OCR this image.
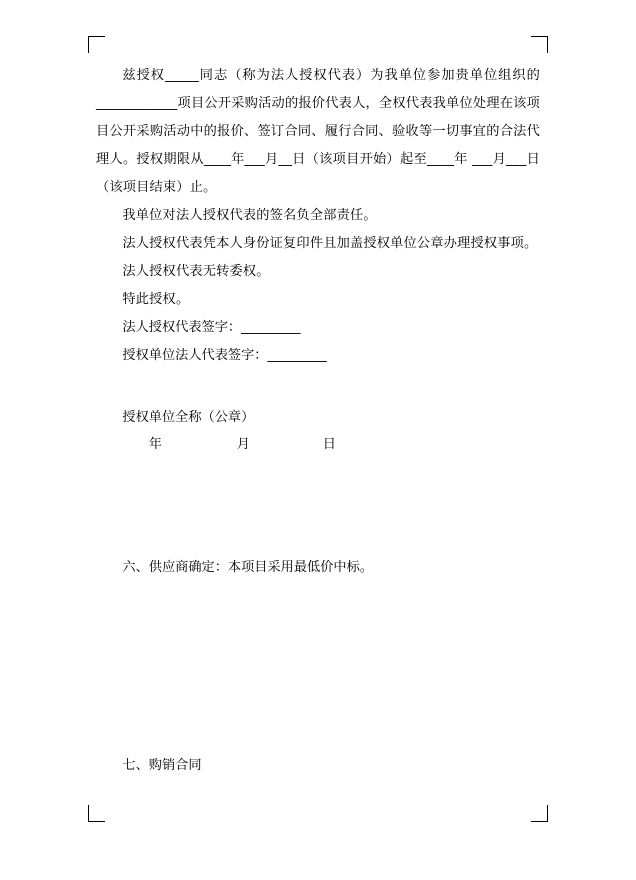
兹授权_____同志（称为法人授权代表）为我单位参加贵单位组织的____________项目公开采购活动的报价代表人，全权代表我单位处理在该项目公开采购活动中的报价、签订合同、履行合同、验收等一切事宜的合法代理人。授权期限从____年___月__日（该项目开始）起至____年 ___月___日（该项目结束）止。

我单位对法人授权代表的签名负全部责任。

法人授权代表凭本人身份证复印件且加盖授权单位公章办理授权事项。

法人授权代表无转委权。

特此授权。

法人授权代表签字：_________
授权单位法人代表签字：_________
授权单位全称（公章）
年	月	日
六、供应商确定：本项目采用最低价中标。
七、购销合同
